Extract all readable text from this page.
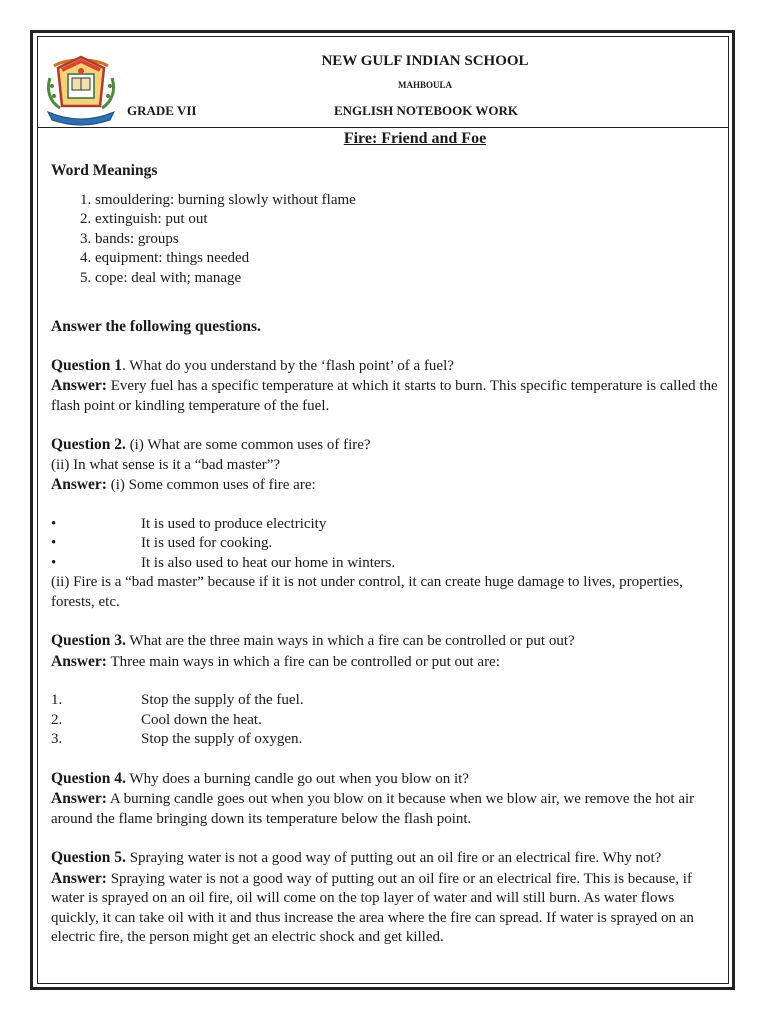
NEW GULF INDIAN SCHOOL
MAHBOULA
GRADE VII	ENGLISH NOTEBOOK WORK
Fire: Friend and Foe
Word Meanings
1. smouldering: burning slowly without flame
2. extinguish: put out
3. bands: groups
4. equipment: things needed
5. cope: deal with; manage
Answer the following questions.

Question 1. What do you understand by the ‘flash point’ of a fuel?

Answer: Every fuel has a specific temperature at which it starts to burn. This specific temperature is called the flash point or kindling temperature of the fuel.

Question 2. (i) What are some common uses of fire?

(ii) In what sense is it a “bad master”?

Answer: (i) Some common uses of fire are:

•	It is used to produce electricity
•	It is used for cooking.
•	It is also used to heat our home in winters.

(ii) Fire is a “bad master” because if it is not under control, it can create huge damage to lives, properties, forests, etc.

Question 3. What are the three main ways in which a fire can be controlled or put out?

Answer: Three main ways in which a fire can be controlled or put out are:

1.	Stop the supply of the fuel.
2.	Cool down the heat.
3.	Stop the supply of oxygen.

Question 4. Why does a burning candle go out when you blow on it?

Answer: A burning candle goes out when you blow on it because when we blow air, we remove the hot air around the flame bringing down its temperature below the flash point.

Question 5. Spraying water is not a good way of putting out an oil fire or an electrical fire. Why not?

Answer: Spraying water is not a good way of putting out an oil fire or an electrical fire. This is because, if water is sprayed on an oil fire, oil will come on the top layer of water and will still burn. As water flows quickly, it can take oil with it and thus increase the area where the fire can spread. If water is sprayed on an electric fire, the person might get an electric shock and get killed.
